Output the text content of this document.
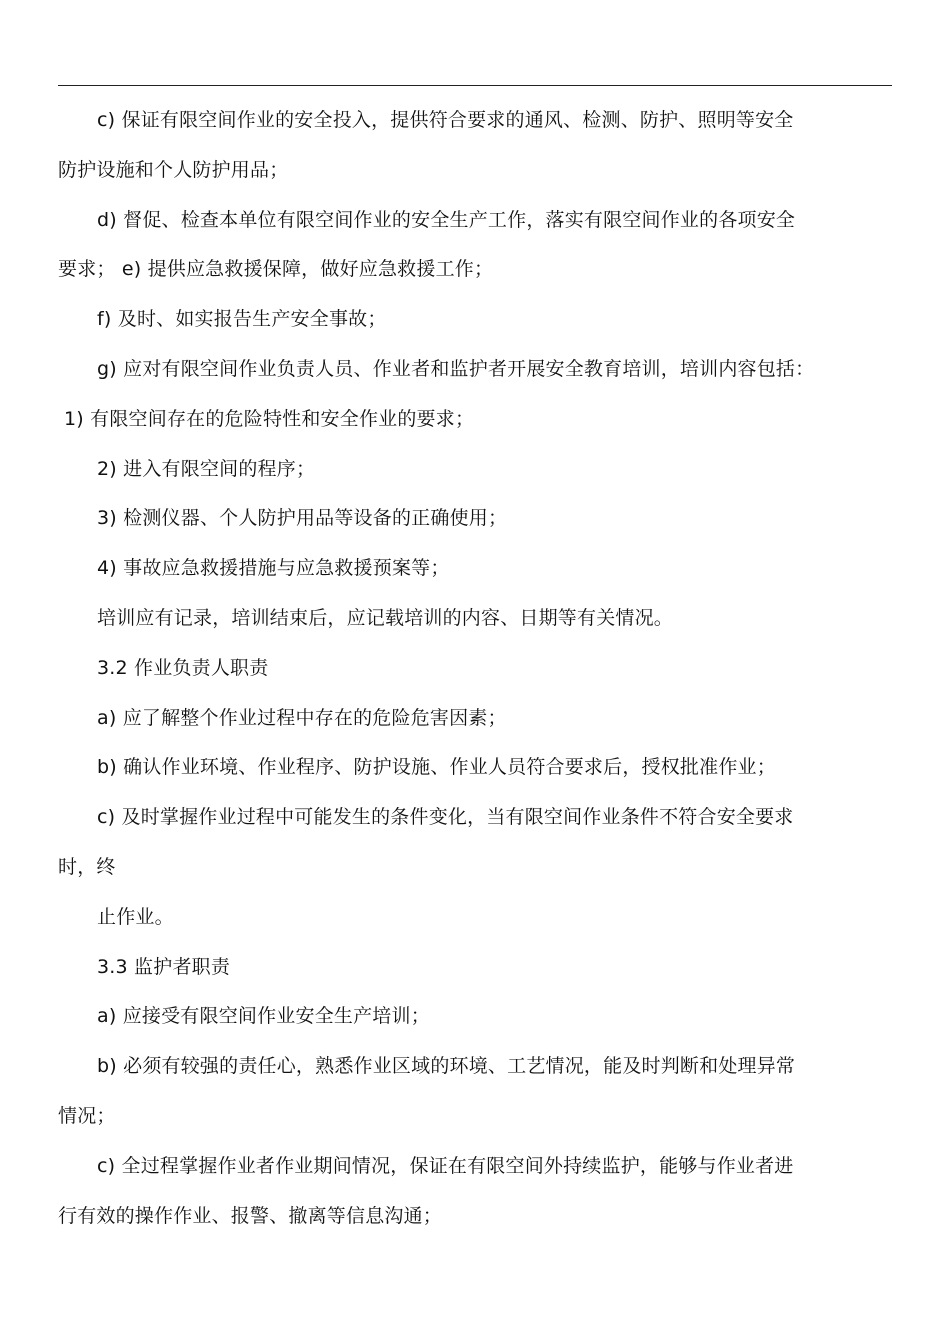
c) 保证有限空间作业的安全投入，提供符合要求的通风、检测、防护、照明等安全
防护设施和个人防护用品；
d) 督促、检查本单位有限空间作业的安全生产工作，落实有限空间作业的各项安全
要求； e) 提供应急救援保障，做好应急救援工作；
f) 及时、如实报告生产安全事故；
g) 应对有限空间作业负责人员、作业者和监护者开展安全教育培训，培训内容包括：
1) 有限空间存在的危险特性和安全作业的要求；
2) 进入有限空间的程序；
3) 检测仪器、个人防护用品等设备的正确使用；
4) 事故应急救援措施与应急救援预案等；
培训应有记录，培训结束后，应记载培训的内容、日期等有关情况。
3.2 作业负责人职责
a) 应了解整个作业过程中存在的危险危害因素；
b) 确认作业环境、作业程序、防护设施、作业人员符合要求后，授权批准作业；
c) 及时掌握作业过程中可能发生的条件变化，当有限空间作业条件不符合安全要求
时，终
止作业。
3.3 监护者职责
a) 应接受有限空间作业安全生产培训；
b) 必须有较强的责任心，熟悉作业区域的环境、工艺情况，能及时判断和处理异常
情况；
c) 全过程掌握作业者作业期间情况，保证在有限空间外持续监护，能够与作业者进
行有效的操作作业、报警、撤离等信息沟通；
